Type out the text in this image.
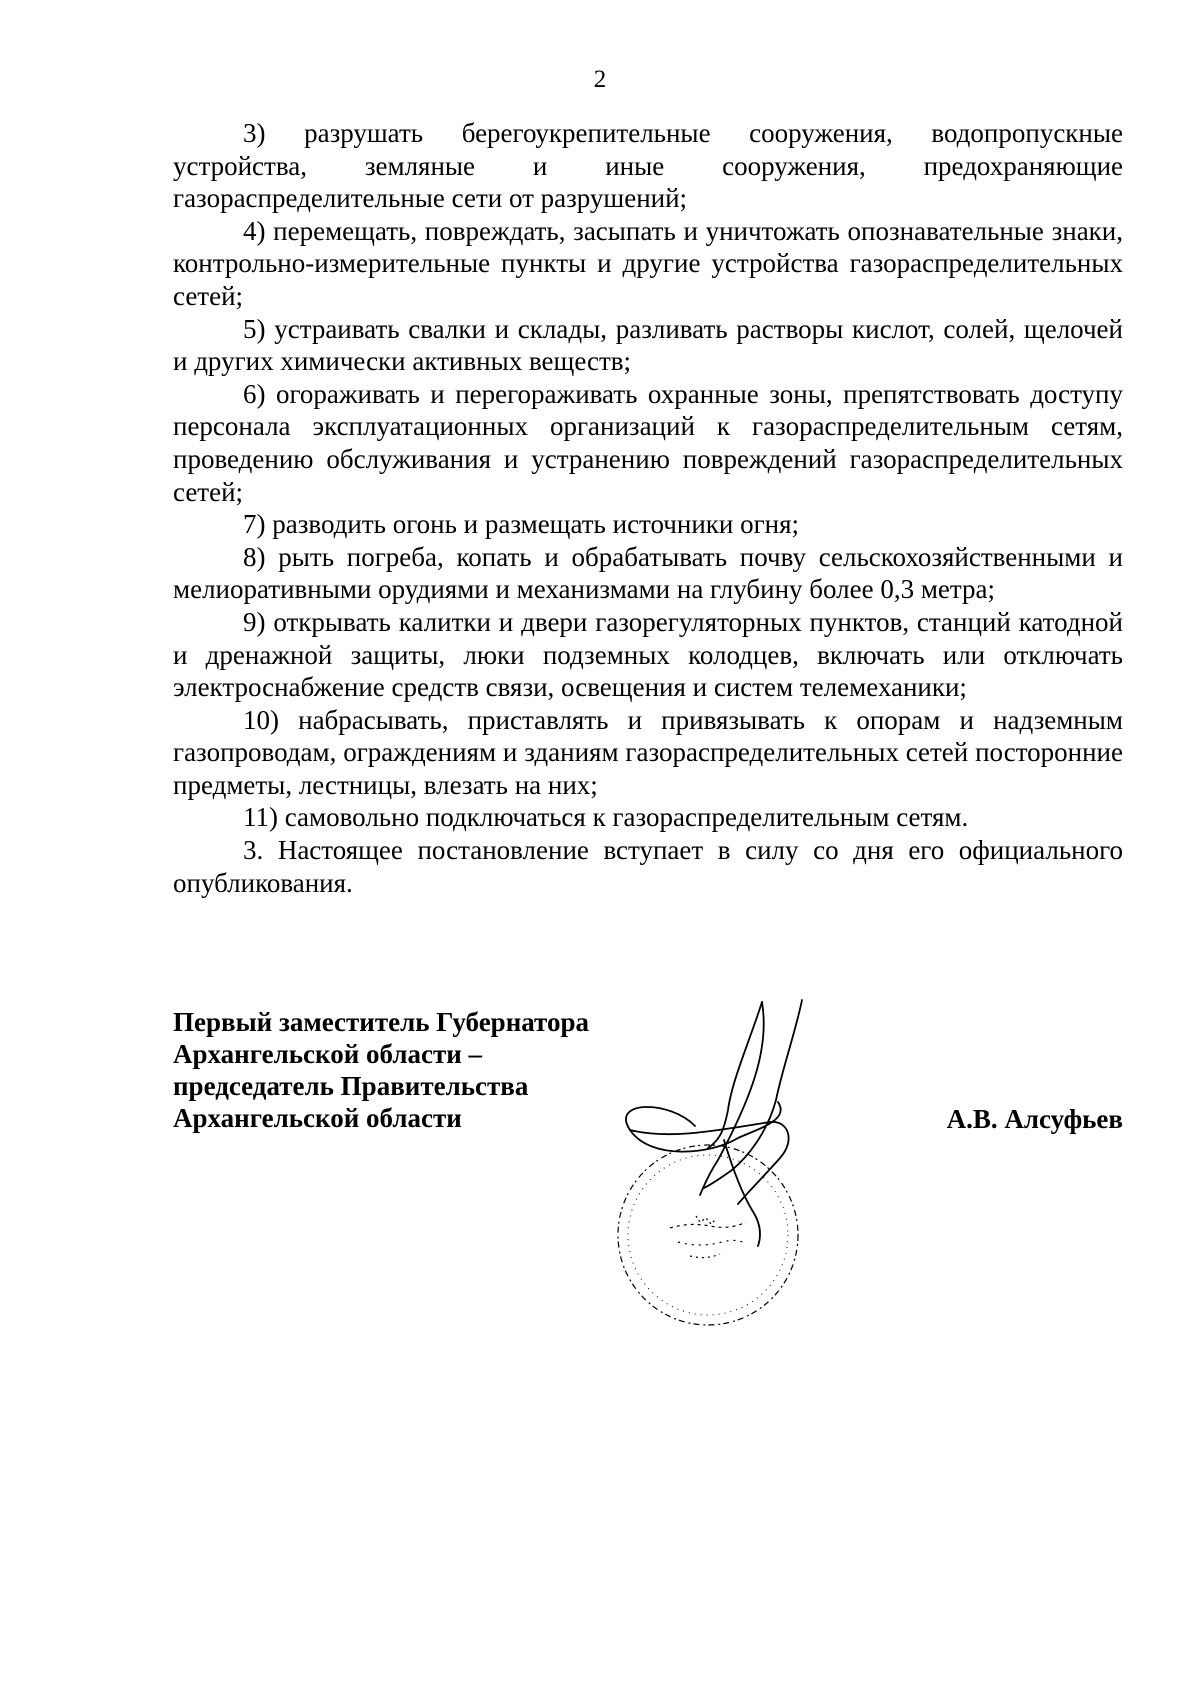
2

3) разрушать берегоукрепительные сооружения, водопропускные устройства, земляные и иные сооружения, предохраняющие газораспределительные сети от разрушений;

4) перемещать, повреждать, засыпать и уничтожать опознавательные знаки, контрольно-измерительные пункты и другие устройства газораспределительных сетей;

5) устраивать свалки и склады, разливать растворы кислот, солей, щелочей и других химически активных веществ;

6) огораживать и перегораживать охранные зоны, препятствовать доступу персонала эксплуатационных организаций к газораспределительным сетям, проведению обслуживания и устранению повреждений газораспределительных сетей;

7) разводить огонь и размещать источники огня;

8) рыть погреба, копать и обрабатывать почву сельскохозяйственными и мелиоративными орудиями и механизмами на глубину более 0,3 метра;

9) открывать калитки и двери газорегуляторных пунктов, станций катодной и дренажной защиты, люки подземных колодцев, включать или отключать электроснабжение средств связи, освещения и систем телемеханики;

10) набрасывать, приставлять и привязывать к опорам и надземным газопроводам, ограждениям и зданиям газораспределительных сетей посторонние предметы, лестницы, влезать на них;

11) самовольно подключаться к газораспределительным сетям.

3. Настоящее постановление вступает в силу со дня его официального опубликования.

Первый заместитель Губернатора
Архангельской области –
председатель Правительства
Архангельской области	А.В. Алсуфьев
